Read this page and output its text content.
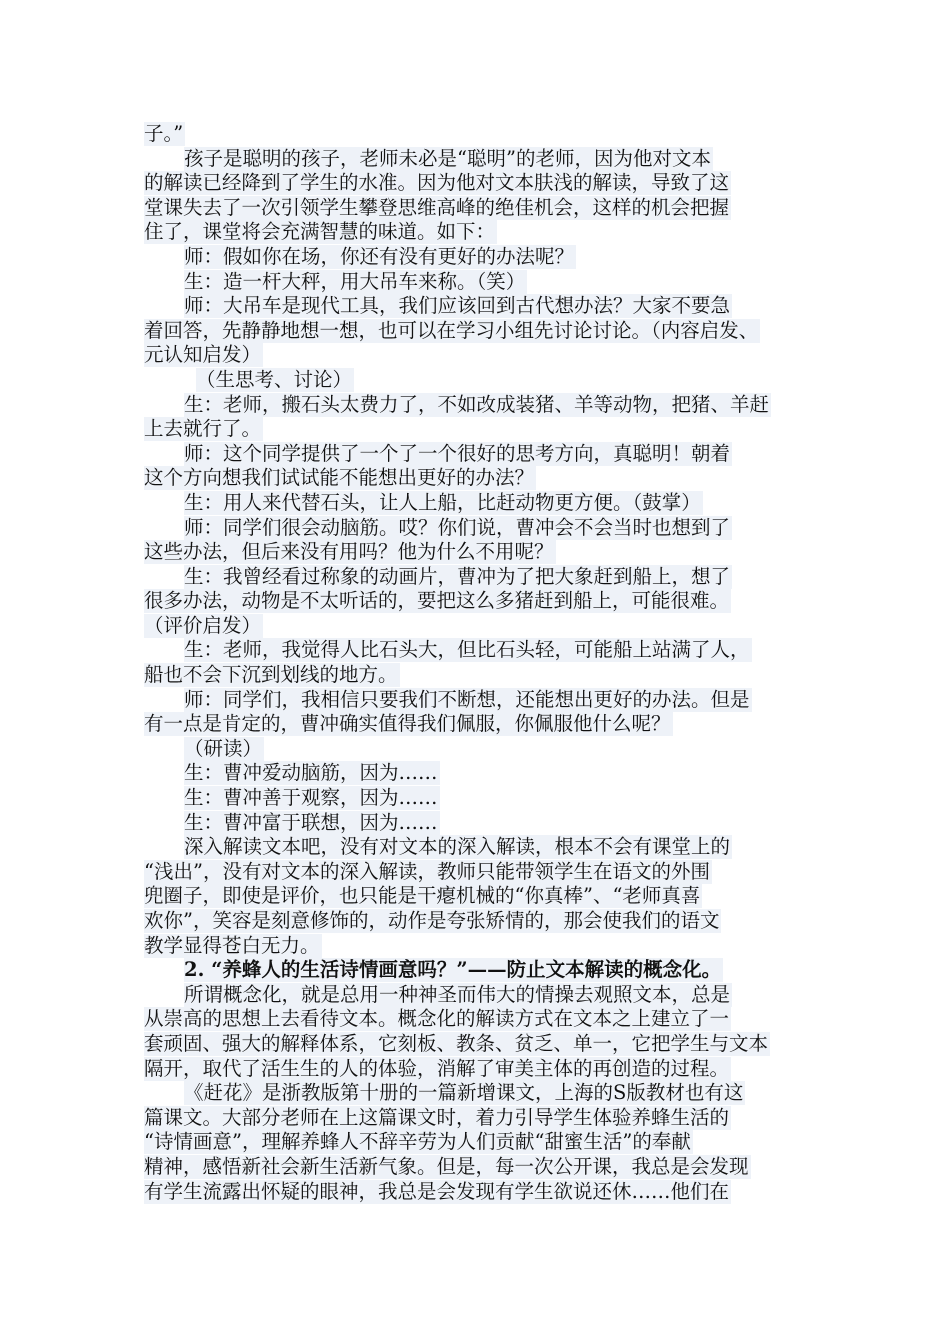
子。”
孩子是聪明的孩子，老师未必是“聪明”的老师，因为他对文本
的解读已经降到了学生的水准。因为他对文本肤浅的解读，导致了这
堂课失去了一次引领学生攀登思维高峰的绝佳机会，这样的机会把握
住了，课堂将会充满智慧的味道。如下：
师：假如你在场，你还有没有更好的办法呢？
生：造一杆大秤，用大吊车来称。（笑）
师：大吊车是现代工具，我们应该回到古代想办法？大家不要急
着回答，先静静地想一想，也可以在学习小组先讨论讨论。（内容启发、
元认知启发）
（生思考、讨论）
生：老师，搬石头太费力了，不如改成装猪、羊等动物，把猪、羊赶
上去就行了。
师：这个同学提供了一个了一个很好的思考方向，真聪明！朝着
这个方向想我们试试能不能想出更好的办法？
生：用人来代替石头，让人上船，比赶动物更方便。（鼓掌）
师：同学们很会动脑筋。哎？你们说，曹冲会不会当时也想到了
这些办法，但后来没有用吗？他为什么不用呢？
生：我曾经看过称象的动画片，曹冲为了把大象赶到船上，想了
很多办法，动物是不太听话的，要把这么多猪赶到船上，可能很难。
（评价启发）
生：老师，我觉得人比石头大，但比石头轻，可能船上站满了人，
船也不会下沉到划线的地方。
师：同学们，我相信只要我们不断想，还能想出更好的办法。但是
有一点是肯定的，曹冲确实值得我们佩服，你佩服他什么呢？
（研读）
生：曹冲爱动脑筋，因为……
生：曹冲善于观察，因为……
生：曹冲富于联想，因为……
深入解读文本吧，没有对文本的深入解读，根本不会有课堂上的
“浅出”，没有对文本的深入解读，教师只能带领学生在语文的外围
兜圈子，即使是评价，也只能是干瘪机械的“你真棒”、“老师真喜
欢你”，笑容是刻意修饰的，动作是夸张矫情的，那会使我们的语文
教学显得苍白无力。
2. “养蜂人的生活诗情画意吗？”——防止文本解读的概念化。
所谓概念化，就是总用一种神圣而伟大的情操去观照文本，总是
从崇高的思想上去看待文本。概念化的解读方式在文本之上建立了一
套顽固、强大的解释体系，它刻板、教条、贫乏、单一，它把学生与文本
隔开，取代了活生生的人的体验，消解了审美主体的再创造的过程。
《赶花》是浙教版第十册的一篇新增课文，上海的S版教材也有这
篇课文。大部分老师在上这篇课文时，着力引导学生体验养蜂生活的
“诗情画意”，理解养蜂人不辞辛劳为人们贡献“甜蜜生活”的奉献
精神，感悟新社会新生活新气象。但是，每一次公开课，我总是会发现
有学生流露出怀疑的眼神，我总是会发现有学生欲说还休……他们在
